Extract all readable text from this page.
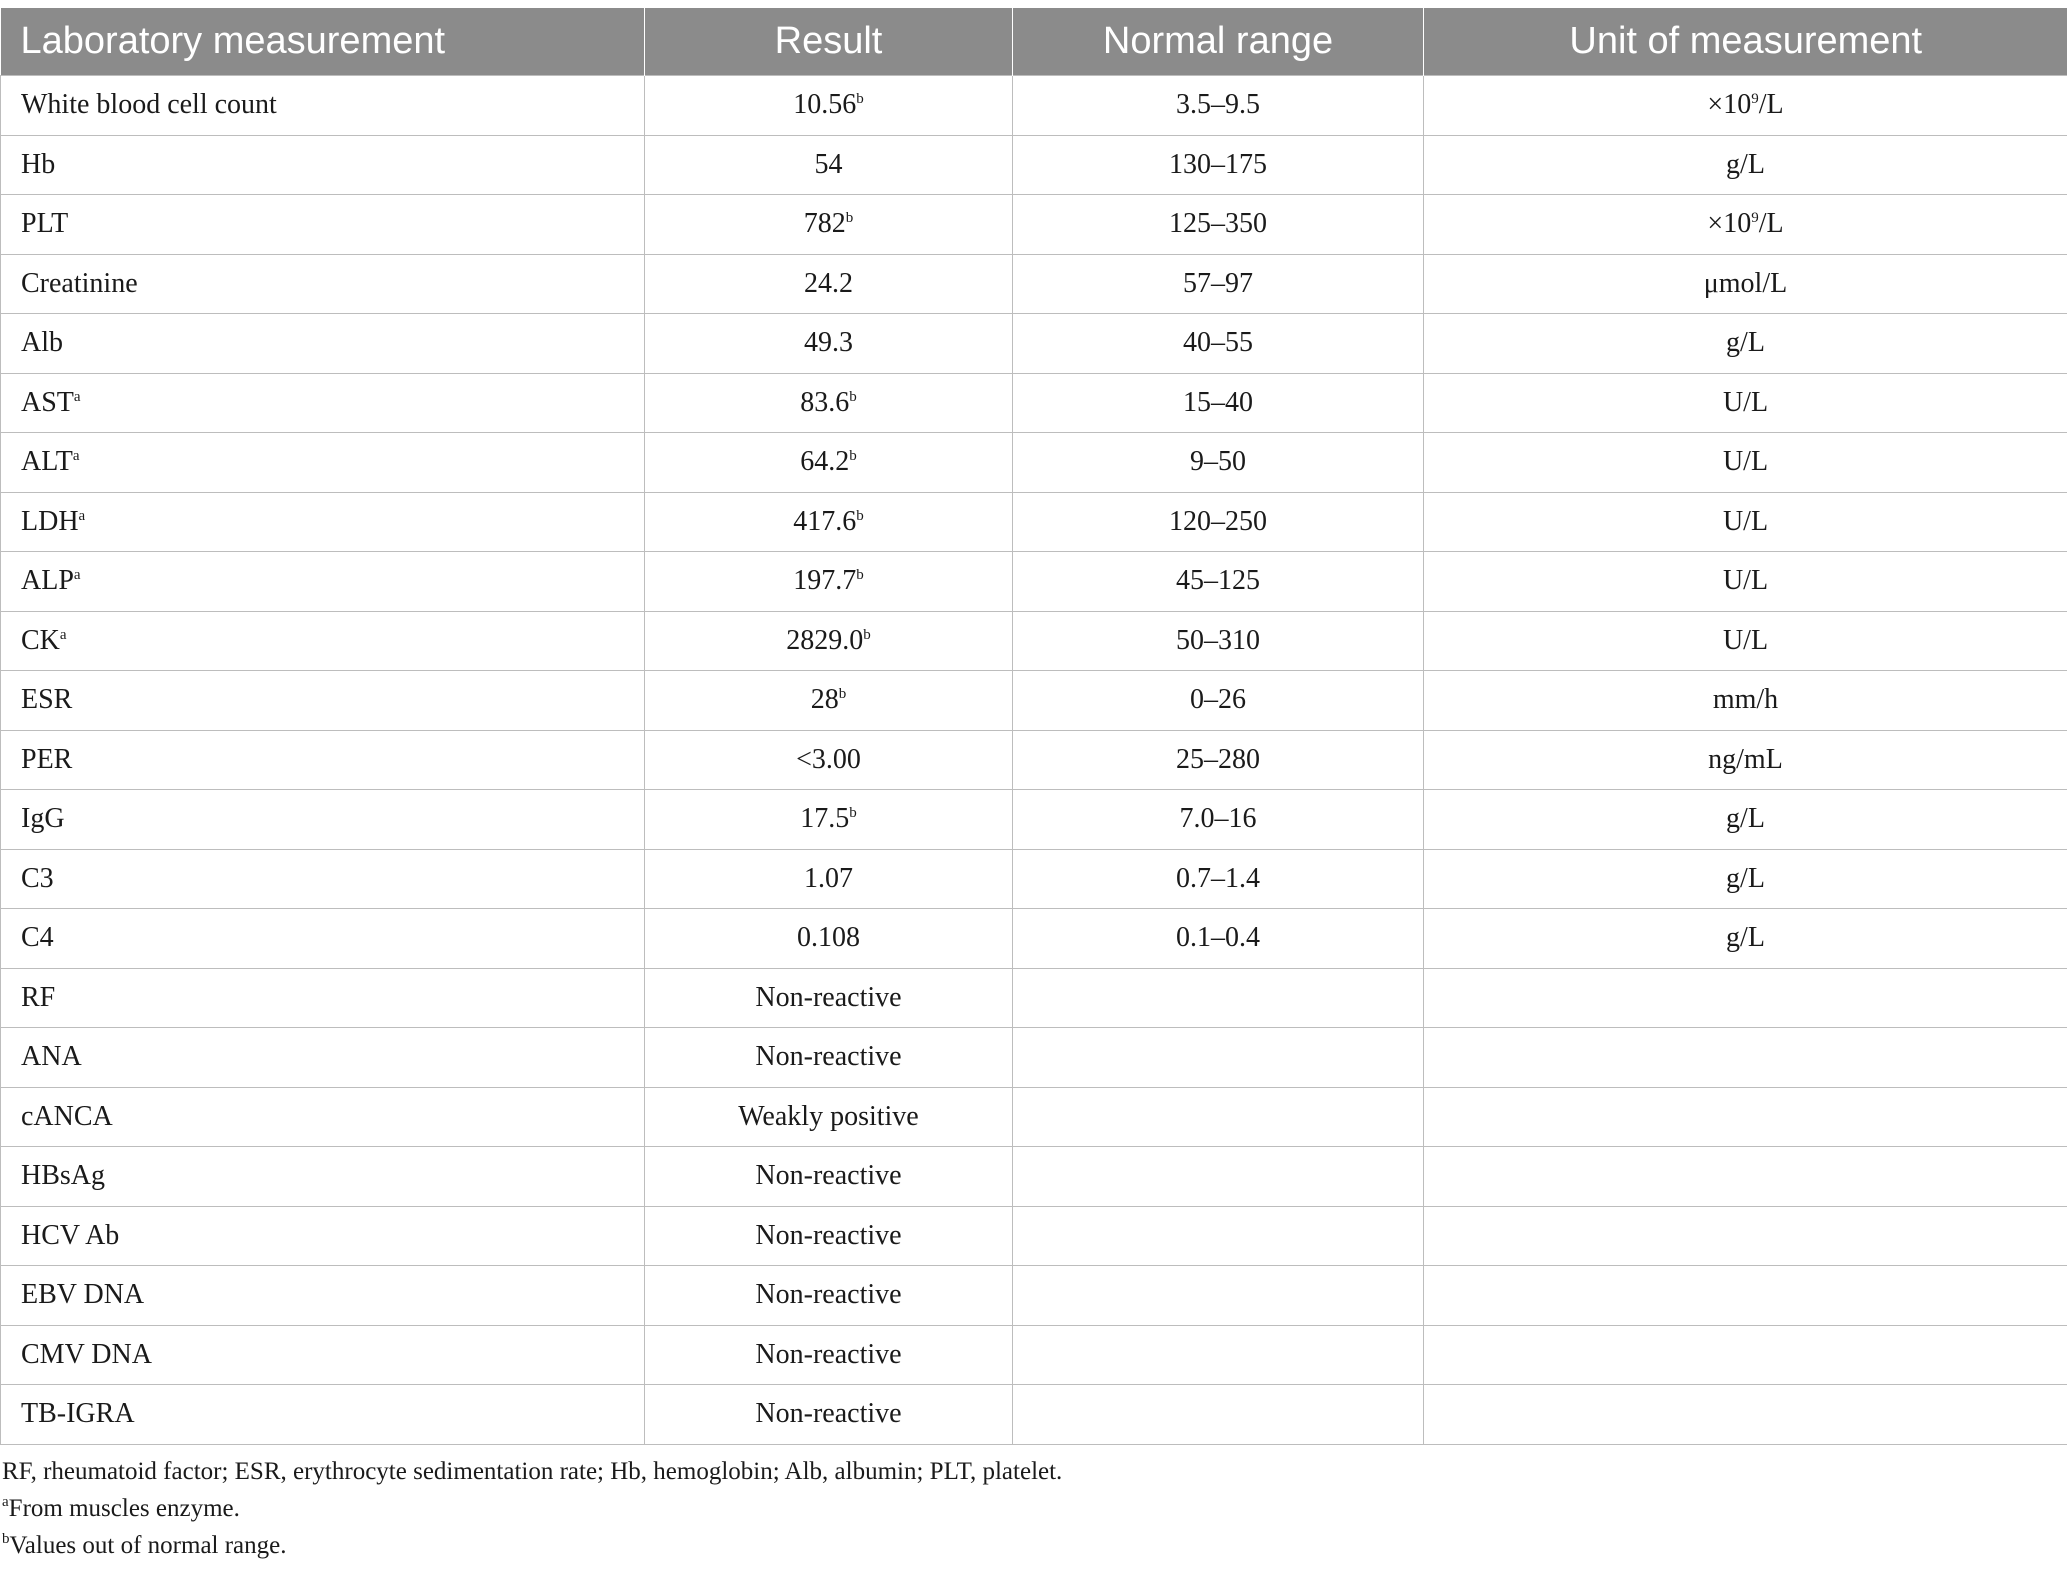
Laboratory measurement	Result	Normal range	Unit of measurement
White blood cell count	10.56$^b$	3.5–9.5	$\times 10^9/L$
Hb	54	130–175	g/L
PLT	782$^b$	125–350	$\times 10^9/L$
Creatinine	24.2	57–97	μmol/L
Alb	49.3	40–55	g/L
AST$^a$	83.6$^b$	15–40	U/L
ALT$^a$	64.2$^b$	9–50	U/L
LDH$^a$	417.6$^b$	120–250	U/L
ALP$^a$	197.7$^b$	45–125	U/L
$CK^a$	2829.0$^b$	50–310	U/L
ESR	28$^b$	0–26	mm/h
PER	<3.00	25–280	ng/mL
IgG	17.5$^b$	7.0–16	g/L
C3	1.07	0.7–1.4	g/L
C4	0.108	0.1–0.4	g/L
RF	Non-reactive		
ANA	Non-reactive		
cANCA	Weakly positive		
HBsAg	Non-reactive		
HCV Ab	Non-reactive		
EBV DNA	Non-reactive		
CMV DNA	Non-reactive		
TB-IGRA	Non-reactive		

RF, rheumatoid factor; ESR, erythrocyte sedimentation rate; Hb, hemoglobin; Alb, albumin; PLT, platelet.

$^a$From muscles enzyme.

$^b$Values out of normal range.
